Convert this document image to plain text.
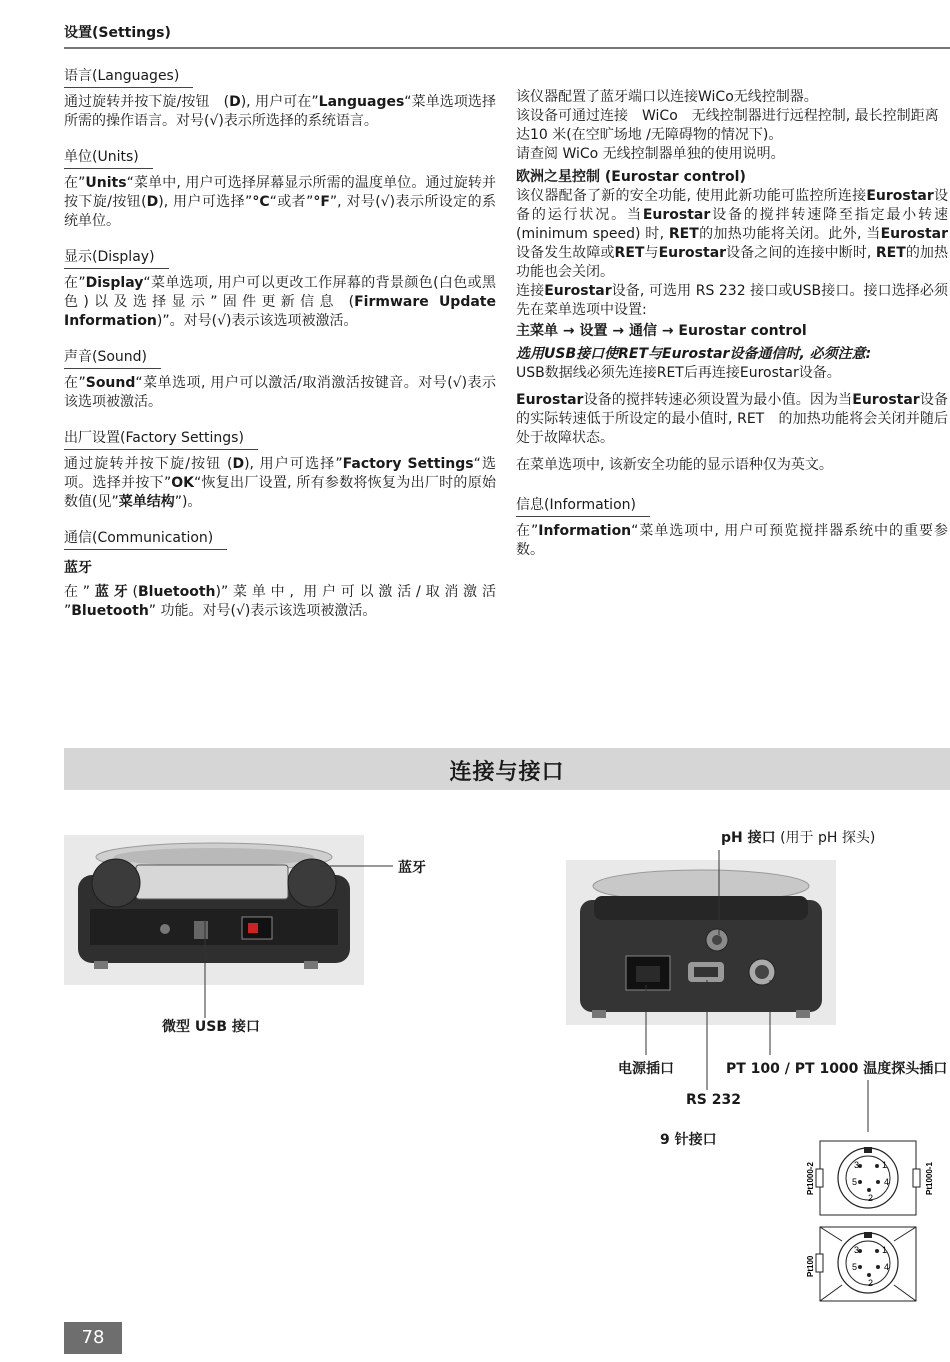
设置(Settings)
语言(Languages)
通过旋转并按下旋/按钮　(D), 用户可在”Languages“菜单选项选择所需的操作语言。对号(√)表示所选择的系统语言。
单位(Units)
在”Units“菜单中, 用户可选择屏幕显示所需的温度单位。通过旋转并按下旋/按钮(D), 用户可选择”°C“或者”°F”, 对号(√)表示所设定的系统单位。
显示(Display)
在”Display“菜单选项, 用户可以更改工作屏幕的背景颜色(白色或黑色)以及选择显示”固件更新信息 (Firmware Update Information)”。对号(√)表示该选项被激活。
声音(Sound)
在”Sound“菜单选项, 用户可以激活/取消激活按键音。对号(√)表示该选项被激活。
出厂设置(Factory Settings)
通过旋转并按下旋/按钮 (D), 用户可选择”Factory Settings“选项。选择并按下”OK“恢复出厂设置, 所有参数将恢复为出厂时的原始数值(见”菜单结构”)。
通信(Communication)
蓝牙
在”蓝牙(Bluetooth)”菜单中, 用户可以激活/取消激活　 ”Bluetooth” 功能。对号(√)表示该选项被激活。
该仪器配置了蓝牙端口以连接WiCo无线控制器。
该设备可通过连接　WiCo　无线控制器进行远程控制, 最长控制距离达10 米(在空旷场地 /无障碍物的情况下)。
请查阅 WiCo 无线控制器单独的使用说明。
欧洲之星控制 (Eurostar control)
该仪器配备了新的安全功能, 使用此新功能可监控所连接Eurostar设备的运行状况。当Eurostar设备的搅拌转速降至指定最小转速 (minimum speed) 时, RET的加热功能将关闭。此外, 当Eurostar设备发生故障或RET与Eurostar设备之间的连接中断时, RET的加热功能也会关闭。
连接Eurostar设备, 可选用 RS 232 接口或USB接口。接口选择必须先在菜单选项中设置:
主菜单 → 设置 → 通信 → Eurostar control
选用USB接口使RET与Eurostar设备通信时, 必须注意:
USB数据线必须先连接RET后再连接Eurostar设备。
Eurostar设备的搅拌转速必须设置为最小值。因为当Eurostar设备的实际转速低于所设定的最小值时, RET　的加热功能将会关闭并随后处于故障状态。
在菜单选项中, 该新安全功能的显示语种仅为英文。
信息(Information)
在”Information“菜单选项中, 用户可预览搅拌器系统中的重要参数。
连接与接口
3	1
5	4
2
Pt1000-2	Pt1000-1
3	1
5	4
2
Pt100
蓝牙
微型 USB 接口
pH 接口 (用于 pH 探头)
电源插口	PT 100 / PT 1000 温度探头插口
RS 232
9 针接口
78
